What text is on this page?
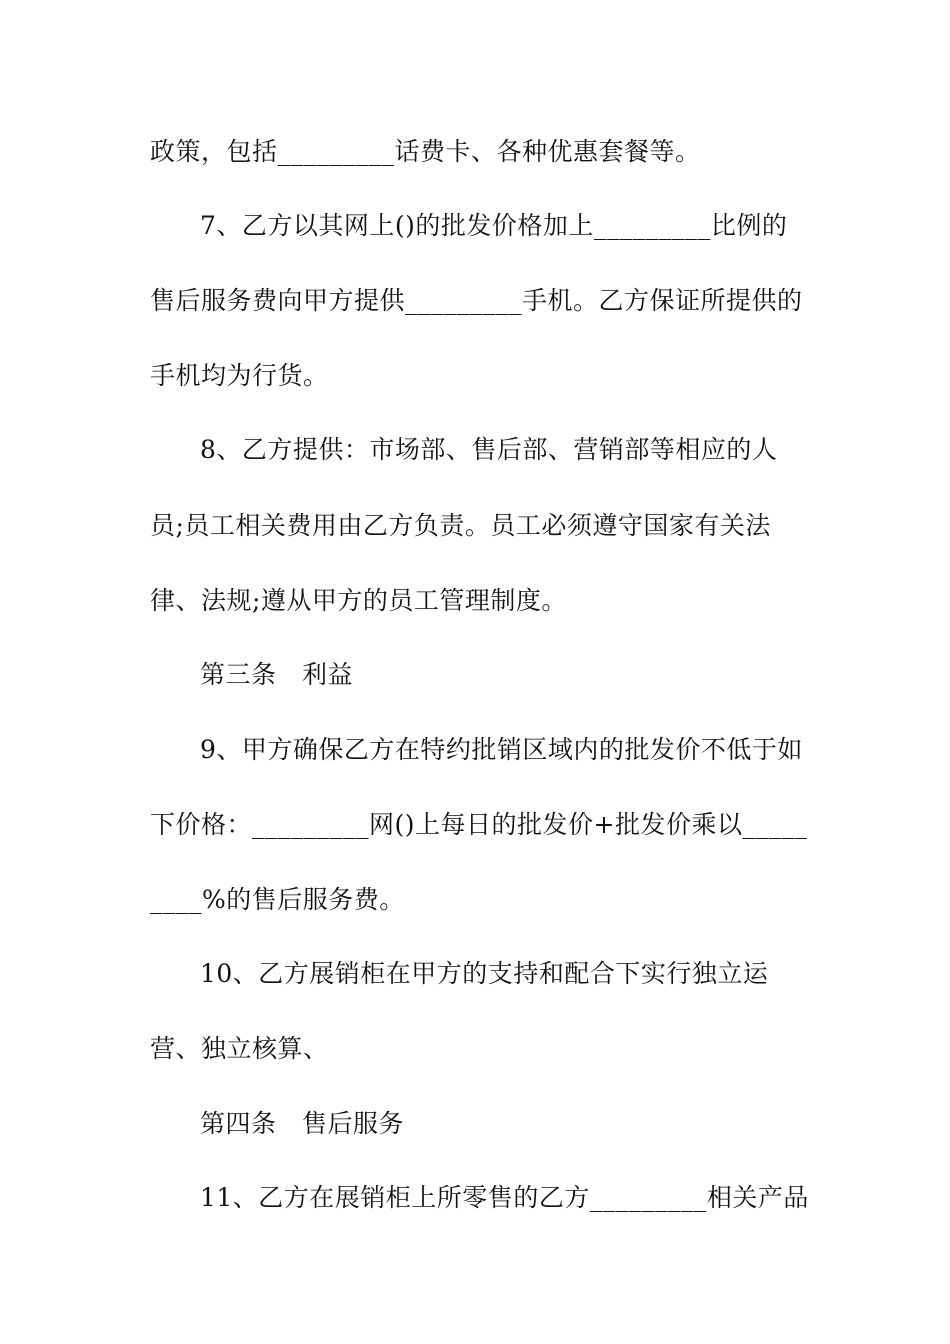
政策，包括_________话费卡、各种优惠套餐等。
7、乙方以其网上()的批发价格加上_________比例的
售后服务费向甲方提供_________手机。乙方保证所提供的
手机均为行货。
8、乙方提供：市场部、售后部、营销部等相应的人
员;员工相关费用由乙方负责。员工必须遵守国家有关法
律、法规;遵从甲方的员工管理制度。
第三条　利益
9、甲方确保乙方在特约批销区域内的批发价不低于如
下价格：_________网()上每日的批发价+批发价乘以_____
____%的售后服务费。
10、乙方展销柜在甲方的支持和配合下实行独立运
营、独立核算、
第四条　售后服务
11、乙方在展销柜上所零售的乙方_________相关产品
